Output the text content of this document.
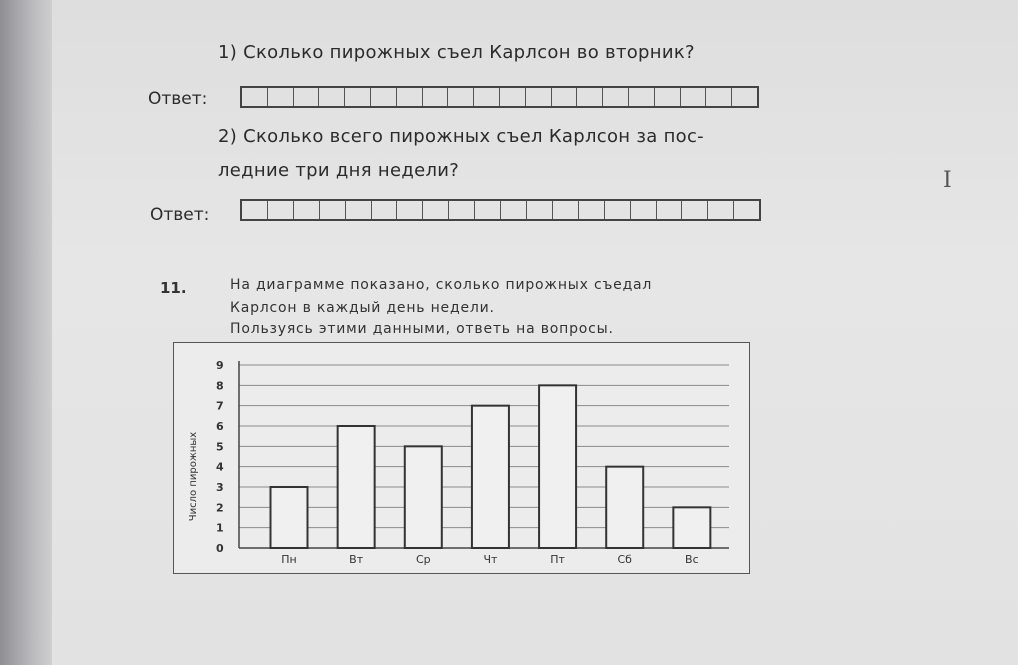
1) Сколько пирожных съел Карлсон во вторник?
Ответ:
2) Сколько всего пирожных съел Карлсон за пос-
ледние три дня недели?
Ответ:
11.	На диаграмме показано, сколько пирожных съедал
Карлсон в каждый день недели.
Пользуясь этими данными, ответь на вопросы.
0
1
2
3
4
5
6
7
8
9
Число пирожных
Пн	Вт	Ср	Чт	Пт	Сб	Вс
I
